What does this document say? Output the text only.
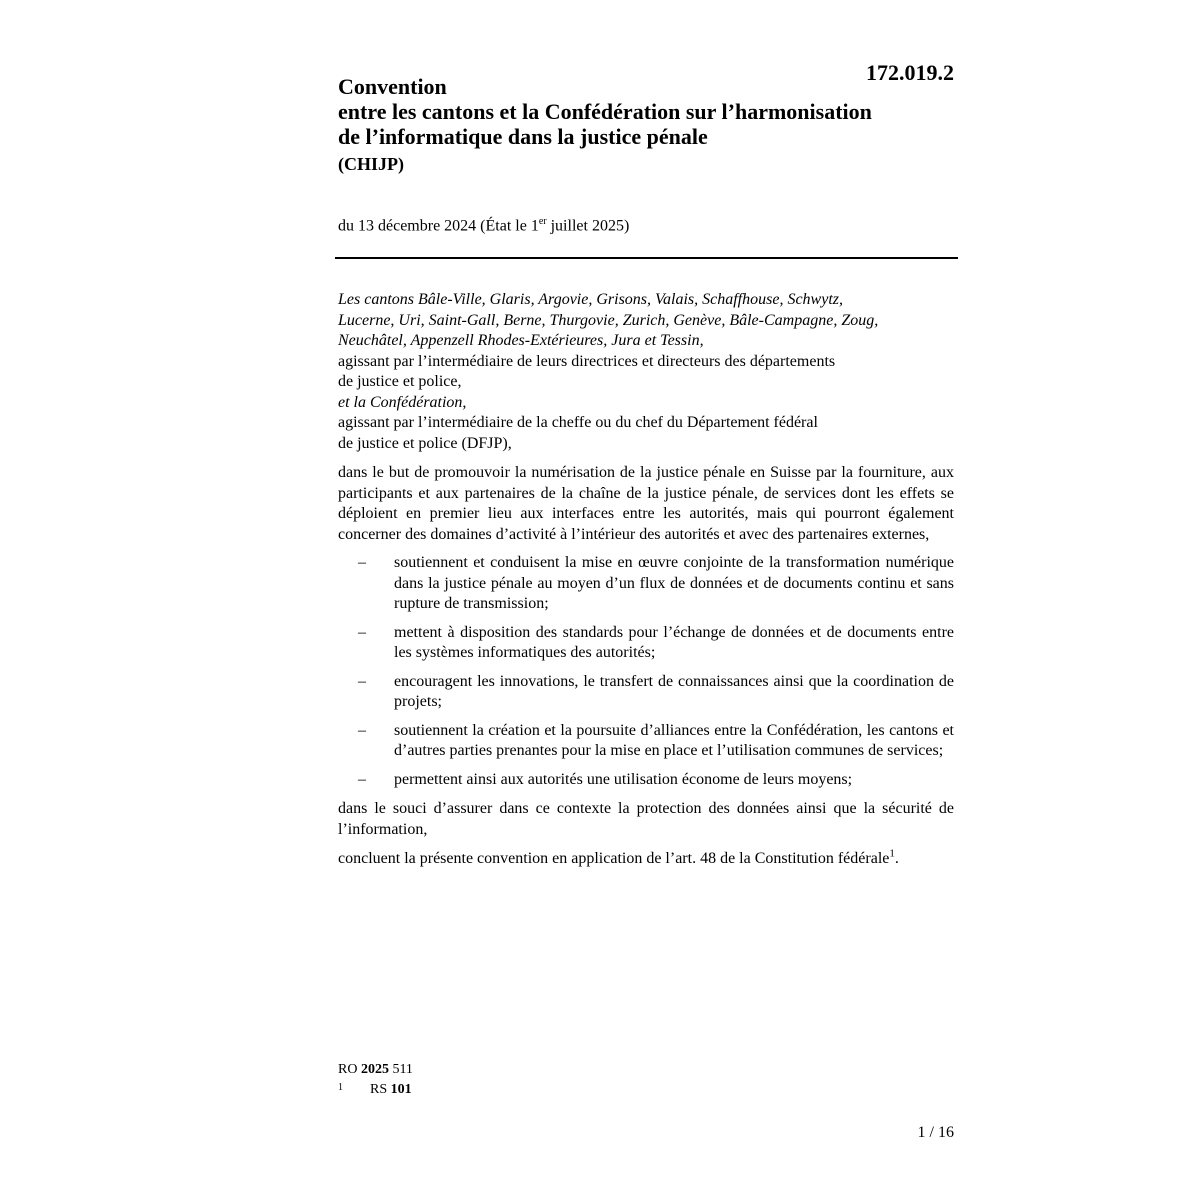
172.019.2

Convention

entre les cantons et la Confédération sur l’harmonisation

de l’informatique dans la justice pénale

(CHIJP)
du 13 décembre 2024 (État le 1er juillet 2025)

Les cantons Bâle-Ville, Glaris, Argovie, Grisons, Valais, Schaffhouse, Schwytz,

Lucerne, Uri, Saint-Gall, Berne, Thurgovie, Zurich, Genève, Bâle-Campagne, Zoug,

Neuchâtel, Appenzell Rhodes-Extérieures, Jura et Tessin,

agissant par l’intermédiaire de leurs directrices et directeurs des départements

de justice et police,

et la Confédération,

agissant par l’intermédiaire de la cheffe ou du chef du Département fédéral

de justice et police (DFJP),

dans le but de promouvoir la numérisation de la justice pénale en Suisse par la fourniture, aux participants et aux partenaires de la chaîne de la justice pénale, de services dont les effets se déploient en premier lieu aux interfaces entre les autorités, mais qui pourront également concerner des domaines d’activité à l’intérieur des autorités et avec des partenaires externes,

– soutiennent et conduisent la mise en œuvre conjointe de la transformation numérique dans la justice pénale au moyen d’un flux de données et de documents continu et sans rupture de transmission;
– mettent à disposition des standards pour l’échange de données et de documents entre les systèmes informatiques des autorités;
– encouragent les innovations, le transfert de connaissances ainsi que la coordination de projets;
– soutiennent la création et la poursuite d’alliances entre la Confédération, les cantons et d’autres parties prenantes pour la mise en place et l’utilisation communes de services;
– permettent ainsi aux autorités une utilisation économe de leurs moyens;

dans le souci d’assurer dans ce contexte la protection des données ainsi que la sécurité de l’information,

concluent la présente convention en application de l’art. 48 de la Constitution fédérale$^1$.

RO 2025 511
1 RS 101
1 / 16
